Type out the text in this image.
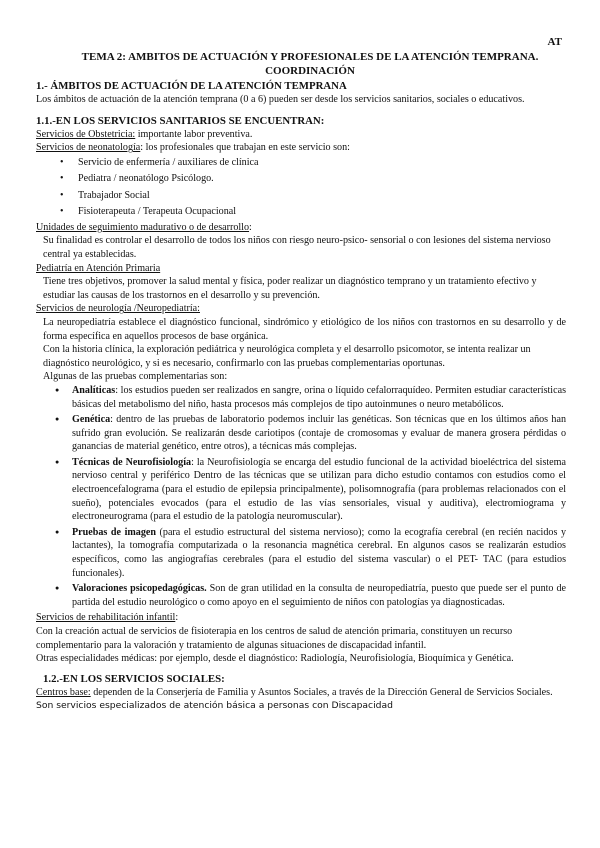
AT
TEMA 2: AMBITOS DE ACTUACIÓN Y PROFESIONALES DE LA ATENCIÓN TEMPRANA.
COORDINACIÓN

1.- ÁMBITOS DE ACTUACIÓN DE LA ATENCIÓN TEMPRANA

Los ámbitos de actuación de la atención temprana (0 a 6) pueden ser desde los servicios sanitarios, sociales o educativos.

1.1.-EN LOS SERVICIOS SANITARIOS SE ENCUENTRAN:

Servicios de Obstetricia: importante labor preventiva.

Servicios de neonatología: los profesionales que trabajan en este servicio son:

• Servicio de enfermería / auxiliares de clínica
• Pediatra / neonatólogo Psicólogo.
• Trabajador Social
• Fisioterapeuta / Terapeuta Ocupacional

Unidades de seguimiento madurativo o de desarrollo:

Su finalidad es controlar el desarrollo de todos los niños con riesgo neuro-psico- sensorial o con lesiones del sistema nervioso central ya establecidas.

Pediatría en Atención Primaria

Tiene tres objetivos, promover la salud mental y física, poder realizar un diagnóstico temprano y un tratamiento efectivo y estudiar las causas de los trastornos en el desarrollo y su prevención.

Servicios de neurología /Neuropediatría:

La neuropediatría establece el diagnóstico funcional, sindrómico y etiológico de los niños con trastornos en su desarrollo y de forma específica en aquellos procesos de base orgánica.

Con la historia clínica, la exploración pediátrica y neurológica completa y el desarrollo psicomotor, se intenta realizar un diagnóstico neurológico, y si es necesario, confirmarlo con las pruebas complementarias oportunas.

Algunas de las pruebas complementarias son:

● Analíticas: los estudios pueden ser realizados en sangre, orina o líquido cefalorraquídeo. Permiten estudiar características básicas del metabolismo del niño, hasta procesos más complejos de tipo autoinmunes o neuro metabólicos.
● Genética: dentro de las pruebas de laboratorio podemos incluir las genéticas. Son técnicas que en los últimos años han sufrido gran evolución. Se realizarán desde cariotipos (contaje de cromosomas y evaluar de manera grosera pérdidas o ganancias de material genético, entre otros), a técnicas más complejas.
● Técnicas de Neurofisiología: la Neurofisiología se encarga del estudio funcional de la actividad bioeléctrica del sistema nervioso central y periférico Dentro de las técnicas que se utilizan para dicho estudio contamos con estudios como el electroencefalograma (para el estudio de epilepsia principalmente), polisomnografía (para problemas relacionados con el sueño), potenciales evocados (para el estudio de las vías sensoriales, visual y auditiva), electromiograma y electroneurograma (para el estudio de la patología neuromuscular).
● Pruebas de imagen (para el estudio estructural del sistema nervioso); como la ecografía cerebral (en recién nacidos y lactantes), la tomografía computarizada o la resonancia magnética cerebral. En algunos casos se realizarán estudios específicos, como las angiografías cerebrales (para el estudio del sistema vascular) o el PET- TAC (para estudios funcionales).
● Valoraciones psicopedagógicas. Son de gran utilidad en la consulta de neuropediatría, puesto que puede ser el punto de partida del estudio neurológico o como apoyo en el seguimiento de niños con patologías ya diagnosticadas.

Servicios de rehabilitación infantil:

Con la creación actual de servicios de fisioterapia en los centros de salud de atención primaria, constituyen un recurso complementario para la valoración y tratamiento de algunas situaciones de discapacidad infantil.

Otras especialidades médicas: por ejemplo, desde el diagnóstico: Radiología, Neurofisiología, Bioquímica y Genética.

1.2.-EN LOS SERVICIOS SOCIALES:

Centros base: dependen de la Conserjería de Familia y Asuntos Sociales, a través de la Dirección General de Servicios Sociales.

Son servicios especializados de atención básica a personas con Discapacidad
